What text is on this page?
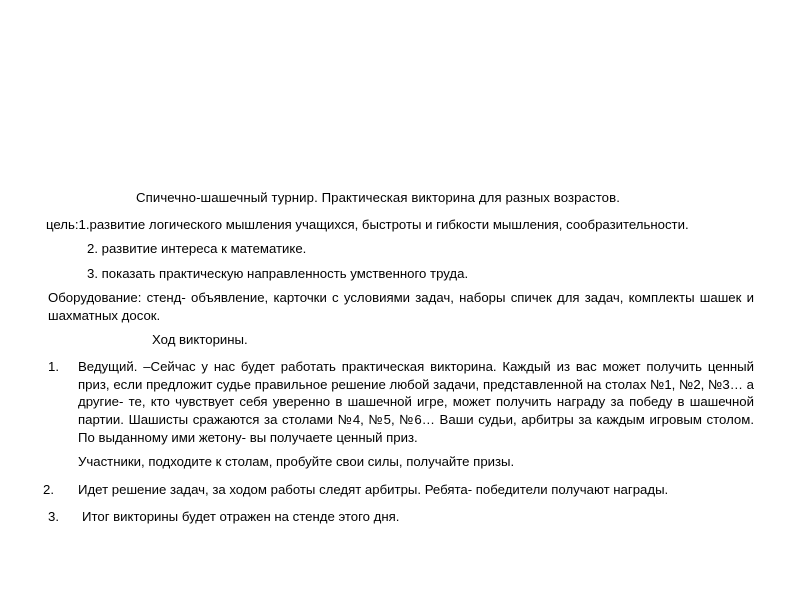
Спичечно-шашечный турнир. Практическая викторина для разных возрастов.

цель:1.развитие логического мышления учащихся, быстроты и гибкости мышления, сообразительности.

2. развитие интереса к математике.

3. показать практическую направленность умственного труда.

Оборудование: стенд- объявление, карточки с условиями задач, наборы спичек для задач, комплекты шашек и шахматных досок.

Ход викторины.

1. Ведущий. –Сейчас у нас будет работать практическая викторина. Каждый из вас может получить ценный приз, если предложит судье правильное решение любой задачи, представленной на столах №1, №2, №3… а другие- те, кто чувствует себя уверенно в шашечной игре, может получить награду за победу в шашечной партии. Шашисты сражаются за столами №4, №5, №6… Ваши судьи, арбитры за каждым игровым столом. По выданному ими жетону- вы получаете ценный приз.

Участники, подходите к столам, пробуйте свои силы, получайте призы.

2. Идет решение задач, за ходом работы следят арбитры. Ребята- победители получают награды.
3. Итог викторины будет отражен на стенде этого дня.
